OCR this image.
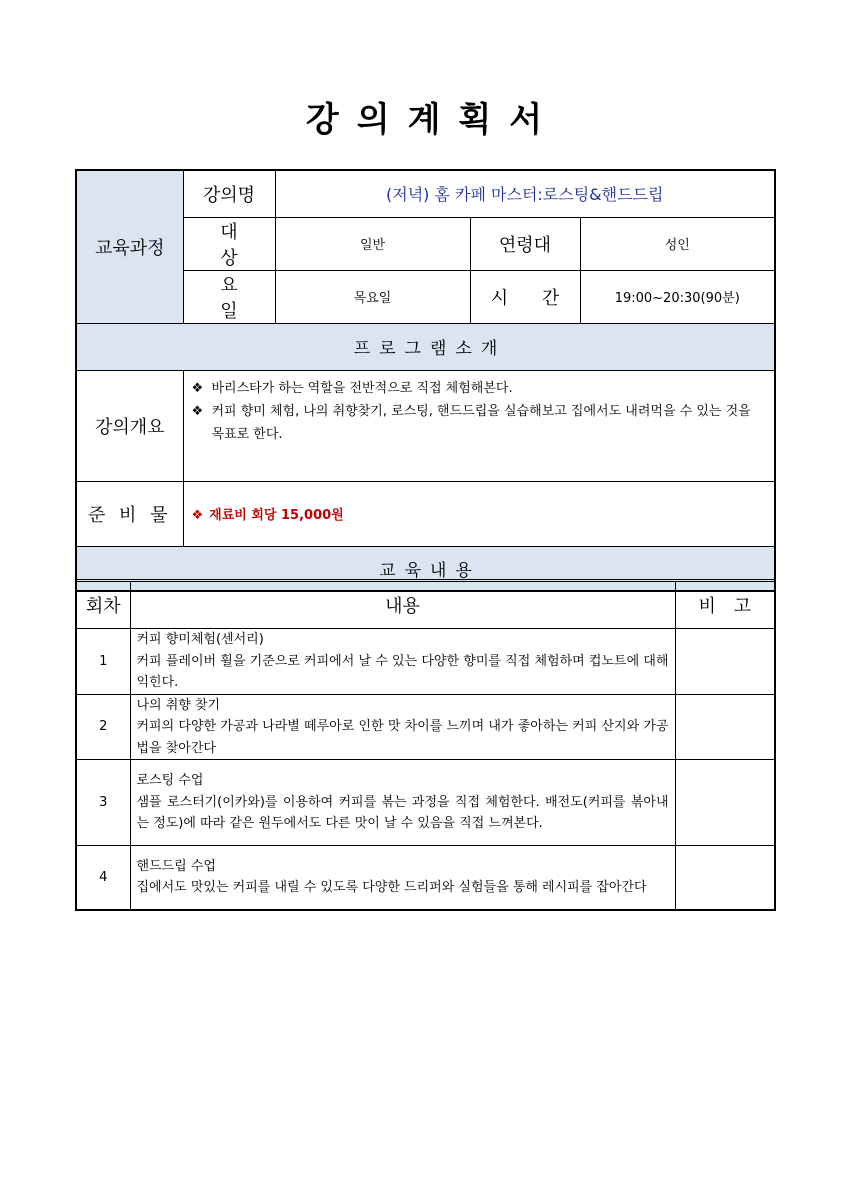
강의계획서
교육과정	강의명	(저녁) 홈 카페 마스터:로스팅&핸드드립		
	대 상	일반	연령대	성인
	요 일	목요일	시 간	19:00~20:30(90분)
프로그램소개				
강의개요	❖ 바리스타가 하는 역할을 전반적으로 직접 체험해본다.
❖ 커피 향미 체험, 나의 취향찾기, 로스팅, 핸드드립을 실습해보고 집에서도 내려먹을 수 있는 것을 목표로 한다.			

준 비 물	❖ 재료비 회당 15,000원			
교육내용				
회차	내용	비 고
1	커피 향미체험(센서리)
커피 플레이버 휠을 기준으로 커피에서 날 수 있는 다양한 향미를 직접 체험하며 컵노트에 대해 익힌다.	

2	나의 취향 찾기
커피의 다양한 가공과 나라별 떼루아로 인한 맛 차이를 느끼며 내가 좋아하는 커피 산지와 가공법을 찾아간다	

3	로스팅 수업
샘플 로스터기(이카와)를 이용하여 커피를 볶는 과정을 직접 체험한다. 배전도(커피를 볶아내는 정도)에 따라 같은 원두에서도 다른 맛이 날 수 있음을 직접 느껴본다.	

4	핸드드립 수업
집에서도 맛있는 커피를 내릴 수 있도록 다양한 드리퍼와 실험들을 통해 레시피를 잡아간다	
